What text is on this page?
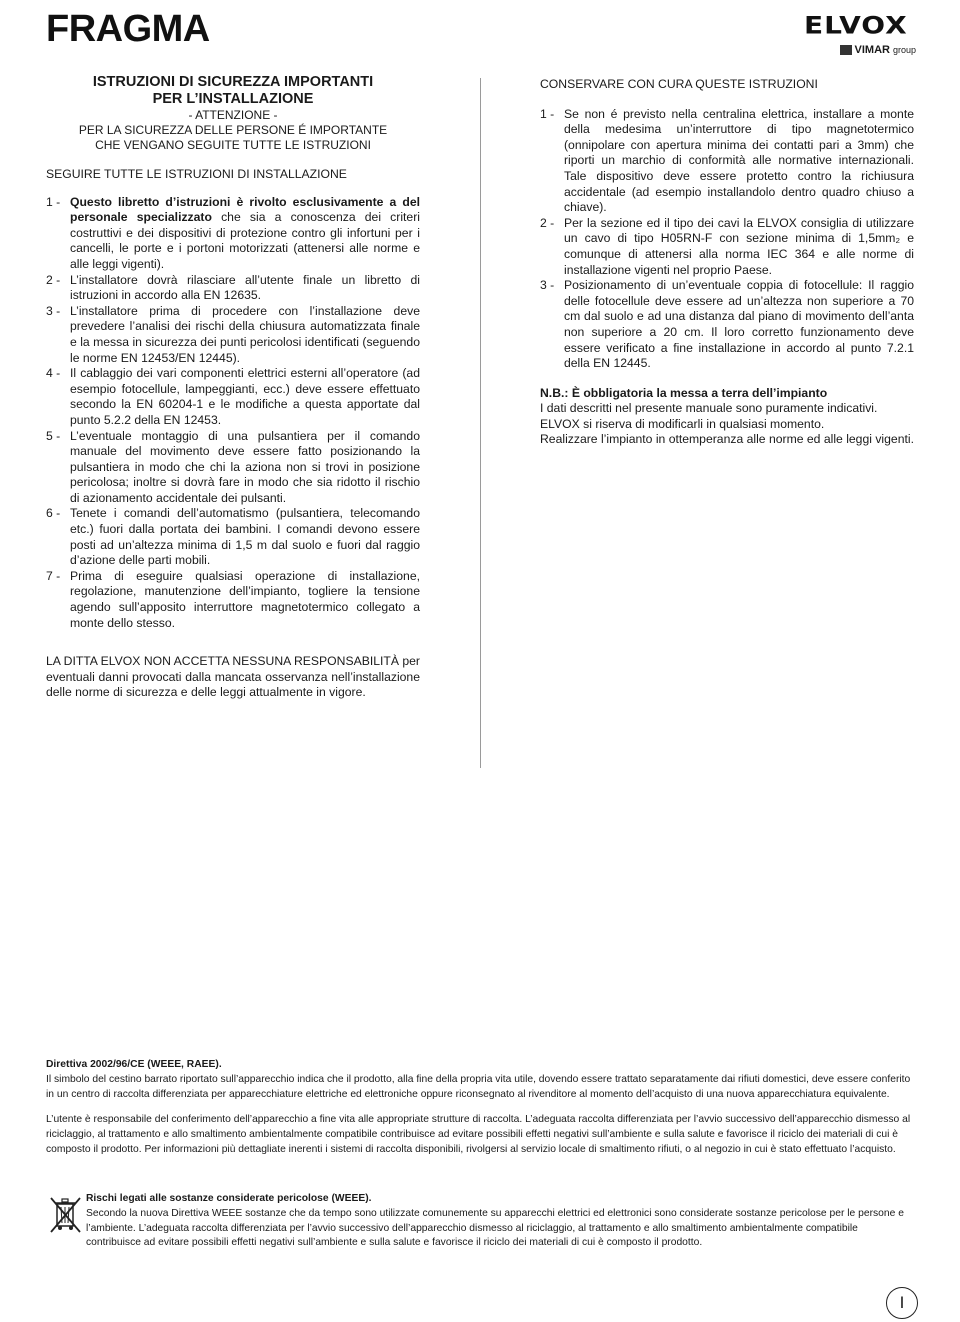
FRAGMA	ELVOX
VIMAR group
ISTRUZIONI DI SICUREZZA IMPORTANTI
PER L’INSTALLAZIONE
- ATTENZIONE -
PER LA SICUREZZA DELLE PERSONE É IMPORTANTE
CHE VENGANO SEGUITE TUTTE LE ISTRUZIONI
SEGUIRE TUTTE LE ISTRUZIONI DI INSTALLAZIONE
1 - Questo libretto d’istruzioni è rivolto esclusivamente a del personale specializzato che sia a conoscenza dei criteri costruttivi e dei dispositivi di protezione contro gli infortuni per i cancelli, le porte e i portoni motorizzati (attenersi alle norme e alle leggi vigenti).
2 - L’installatore dovrà rilasciare all’utente finale un libretto di istruzioni in accordo alla EN 12635.
3 - L’installatore prima di procedere con l’installazione deve prevedere l’analisi dei rischi della chiusura automatizzata finale e la messa in sicurezza dei punti pericolosi identificati (seguendo le norme EN 12453/EN 12445).
4 - Il cablaggio dei vari componenti elettrici esterni all’operatore (ad esempio fotocellule, lampeggianti, ecc.) deve essere effettuato secondo la EN 60204-1 e le modifiche a questa apportate dal punto 5.2.2 della EN 12453.
5 - L’eventuale montaggio di una pulsantiera per il comando manuale del movimento deve essere fatto posizionando la pulsantiera in modo che chi la aziona non si trovi in posizione pericolosa; inoltre si dovrà fare in modo che sia ridotto il rischio di azionamento accidentale dei pulsanti.
6 - Tenete i comandi dell’automatismo (pulsantiera, telecomando etc.) fuori dalla portata dei bambini. I comandi devono essere posti ad un’altezza minima di 1,5 m dal suolo e fuori dal raggio d’azione delle parti mobili.
7 - Prima di eseguire qualsiasi operazione di installazione, regolazione, manutenzione dell’impianto, togliere la tensione agendo sull’apposito interruttore magnetotermico collegato a monte dello stesso.
LA DITTA ELVOX NON ACCETTA NESSUNA RESPONSABILITÀ per eventuali danni provocati dalla mancata osservanza nell’installazione delle norme di sicurezza e delle leggi attualmente in vigore.
CONSERVARE CON CURA QUESTE ISTRUZIONI
1 - Se non é previsto nella centralina elettrica, installare a monte della medesima un’interruttore di tipo magnetotermico (onnipolare con apertura minima dei contatti pari a 3mm) che riporti un marchio di conformità alle normative internazionali. Tale dispositivo deve essere protetto contro la richiusura accidentale (ad esempio installandolo dentro quadro chiuso a chiave).
2 - Per la sezione ed il tipo dei cavi la ELVOX consiglia di utilizzare un cavo di tipo H05RN-F con sezione minima di 1,5mm₂ e comunque di attenersi alla norma IEC 364 e alle norme di installazione vigenti nel proprio Paese.
3 - Posizionamento di un’eventuale coppia di fotocellule: Il raggio delle fotocellule deve essere ad un’altezza non superiore a 70 cm dal suolo e ad una distanza dal piano di movimento dell’anta non superiore a 20 cm. Il loro corretto funzionamento deve essere verificato a fine installazione in accordo al punto 7.2.1 della EN 12445.
N.B.: È obbligatoria la messa a terra dell’impianto
I dati descritti nel presente manuale sono puramente indicativi.
ELVOX si riserva di modificarli in qualsiasi momento.
Realizzare l’impianto in ottemperanza alle norme ed alle leggi vigenti.

Direttiva 2002/96/CE (WEEE, RAEE).
Il simbolo del cestino barrato riportato sull’apparecchio indica che il prodotto, alla fine della propria vita utile, dovendo essere trattato separatamente dai rifiuti domestici, deve essere conferito in un centro di raccolta differenziata per apparecchiature elettriche ed elettroniche oppure riconsegnato al rivenditore al momento dell’acquisto di una nuova apparecchiatura equivalente.

L’utente è responsabile del conferimento dell’apparecchio a fine vita alle appropriate strutture di raccolta. L’adeguata raccolta differenziata per l’avvio successivo dell’apparecchio dismesso al riciclaggio, al trattamento e allo smaltimento ambientalmente compatibile contribuisce ad evitare possibili effetti negativi sull’ambiente e sulla salute e favorisce il riciclo dei materiali di cui è composto il prodotto. Per informazioni più dettagliate inerenti i sistemi di raccolta disponibili, rivolgersi al servizio locale di smaltimento rifiuti, o al negozio in cui è stato effettuato l’acquisto.

Rischi legati alle sostanze considerate pericolose (WEEE).
Secondo la nuova Direttiva WEEE sostanze che da tempo sono utilizzate comunemente su apparecchi elettrici ed elettronici sono considerate sostanze pericolose per le persone e l’ambiente. L’adeguata raccolta differenziata per l’avvio successivo dell’apparecchio dismesso al riciclaggio, al trattamento e allo smaltimento ambientalmente compatibile contribuisce ad evitare possibili effetti negativi sull’ambiente e sulla salute e favorisce il riciclo dei materiali di cui è composto il prodotto.
I
